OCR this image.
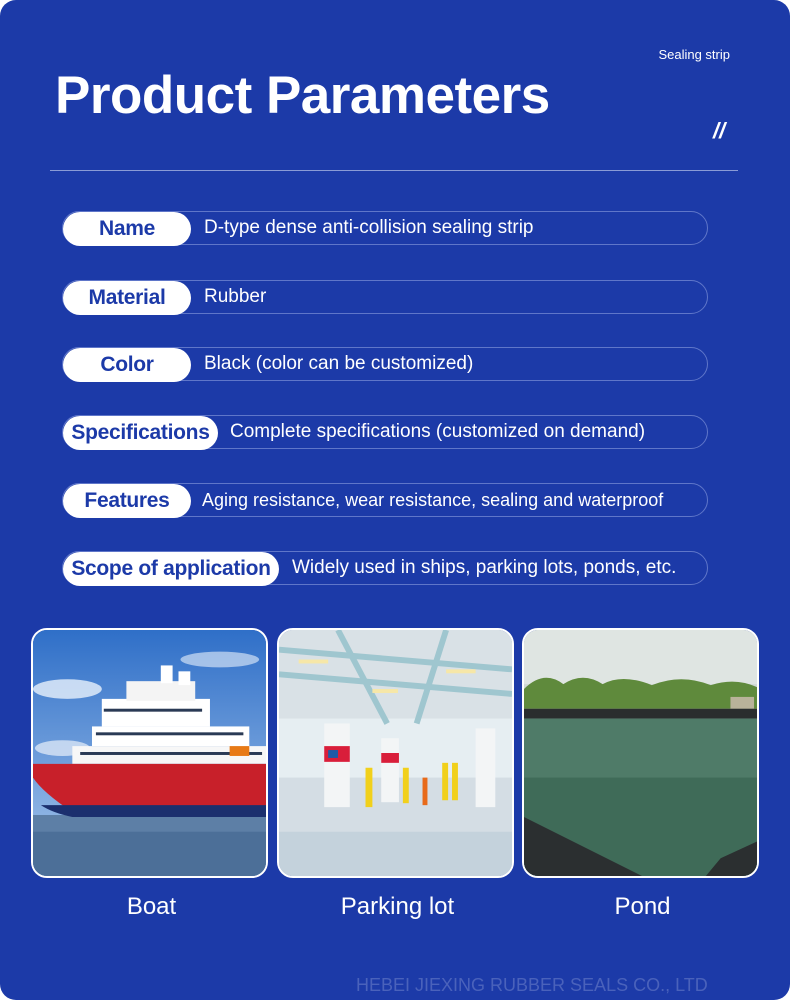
Sealing strip
Product Parameters
//
Name	D-type dense anti-collision sealing strip
Material	Rubber
Color	Black (color can be customized)
Specifications	Complete specifications (customized on demand)
Features	Aging resistance, wear resistance, sealing and waterproof
Scope of application	Widely used in ships, parking lots, ponds, etc.
Boat	Parking lot	Pond
HEBEI JIEXING RUBBER SEALS CO., LTD
